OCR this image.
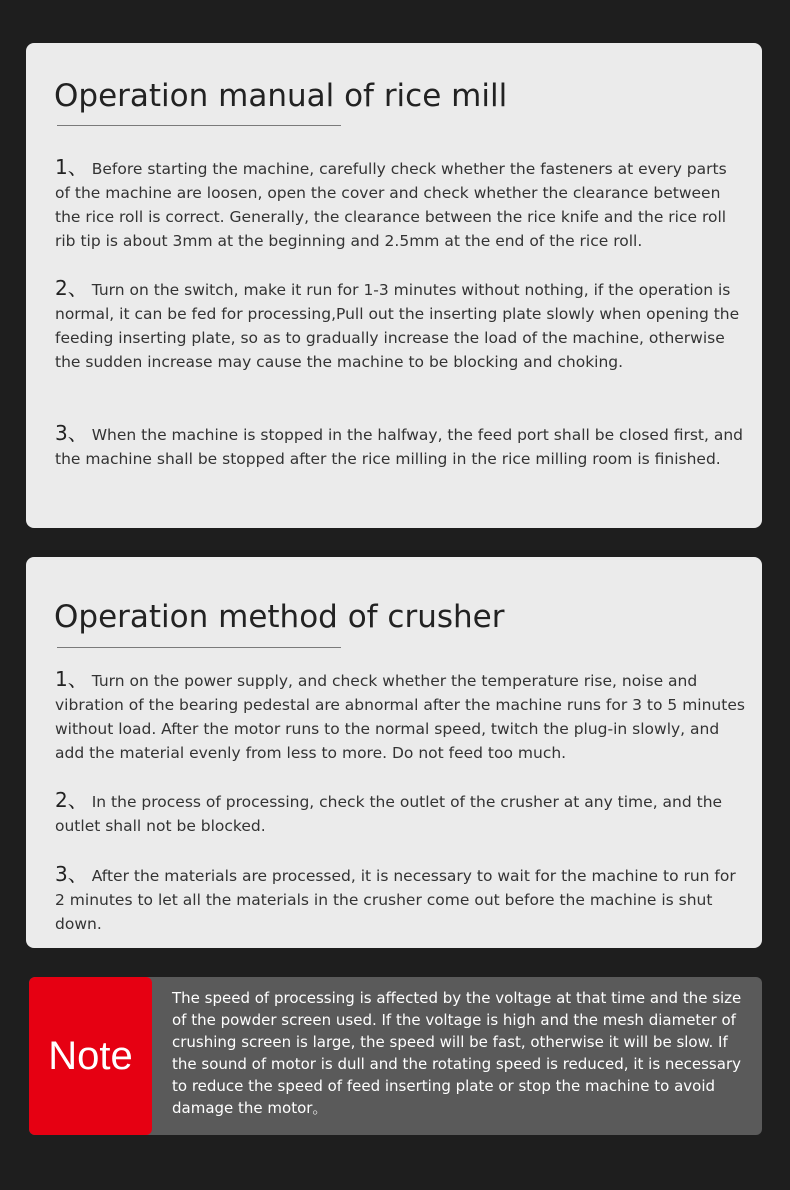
Operation manual of rice mill

1、 Before starting the machine, carefully check whether the fasteners at every parts of the machine are loosen, open the cover and check whether the clearance between the rice roll is correct. Generally, the clearance between the rice knife and the rice roll rib tip is about 3mm at the beginning and 2.5mm at the end of the rice roll.

2、 Turn on the switch, make it run for 1-3 minutes without nothing, if the operation is normal, it can be fed for processing,Pull out the inserting plate slowly when opening the feeding inserting plate, so as to gradually increase the load of the machine, otherwise the sudden increase may cause the machine to be blocking and choking.

3、 When the machine is stopped in the halfway, the feed port shall be closed first, and the machine shall be stopped after the rice milling in the rice milling room is finished.

Operation method of crusher

1、 Turn on the power supply, and check whether the temperature rise, noise and vibration of the bearing pedestal are abnormal after the machine runs for 3 to 5 minutes without load. After the motor runs to the normal speed, twitch the plug-in slowly, and add the material evenly from less to more. Do not feed too much.

2、 In the process of processing, check the outlet of the crusher at any time, and the outlet shall not be blocked.

3、 After the materials are processed, it is necessary to wait for the machine to run for 2 minutes to let all the materials in the crusher come out before the machine is shut down.

Note

The speed of processing is affected by the voltage at that time and the size of the powder screen used. If the voltage is high and the mesh diameter of crushing screen is large, the speed will be fast, otherwise it will be slow. If the sound of motor is dull and the rotating speed is reduced, it is necessary to reduce the speed of feed inserting plate or stop the machine to avoid damage the motor。
